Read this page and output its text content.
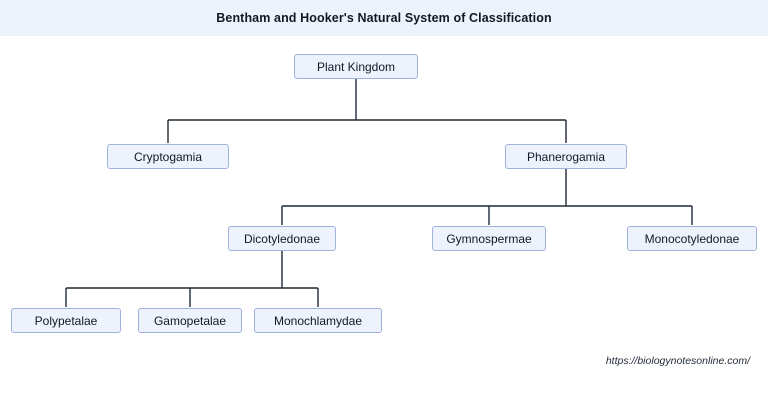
Bentham and Hooker's Natural System of Classification
Plant Kingdom
Cryptogamia	Phanerogamia
Dicotyledonae	Gymnospermae	Monocotyledonae
Polypetalae	Gamopetalae	Monochlamydae
https://biologynotesonline.com/
